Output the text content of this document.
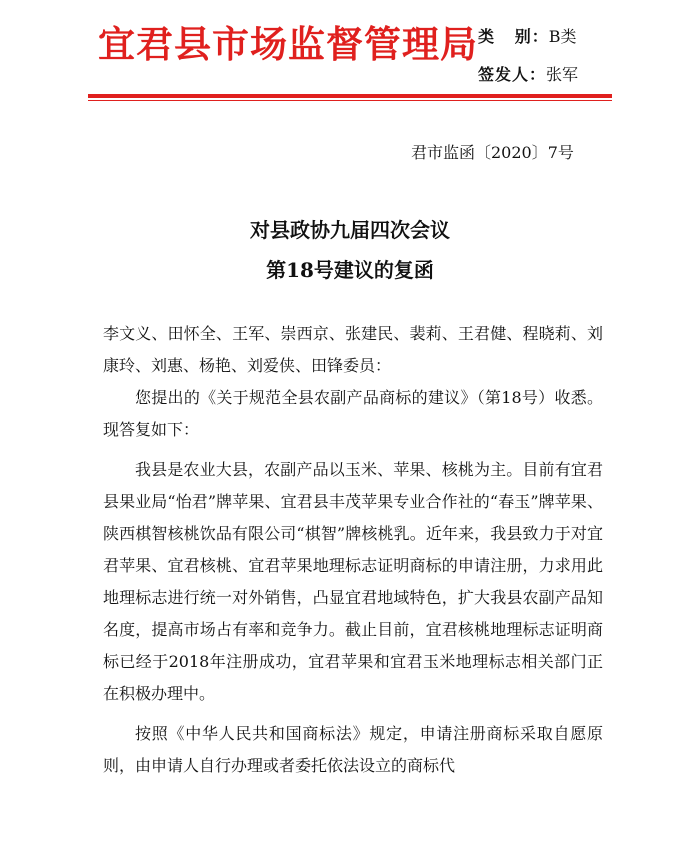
宜君县市场监督管理局 类   别：B类
签发人：张军
君市监函〔2020〕7号
对县政协九届四次会议
第18号建议的复函

李文义、田怀全、王军、崇西京、张建民、裴莉、王君健、程晓莉、刘康玲、刘惠、杨艳、刘爱侠、田锋委员：

您提出的《关于规范全县农副产品商标的建议》（第18号）收悉。现答复如下：

我县是农业大县，农副产品以玉米、苹果、核桃为主。目前有宜君县果业局“怡君”牌苹果、宜君县丰茂苹果专业合作社的“春玉”牌苹果、陕西棋智核桃饮品有限公司“棋智”牌核桃乳。近年来，我县致力于对宜君苹果、宜君核桃、宜君苹果地理标志证明商标的申请注册，力求用此地理标志进行统一对外销售，凸显宜君地域特色，扩大我县农副产品知名度，提高市场占有率和竞争力。截止目前，宜君核桃地理标志证明商标已经于2018年注册成功，宜君苹果和宜君玉米地理标志相关部门正在积极办理中。

按照《中华人民共和国商标法》规定，申请注册商标采取自愿原则，由申请人自行办理或者委托依法设立的商标代
